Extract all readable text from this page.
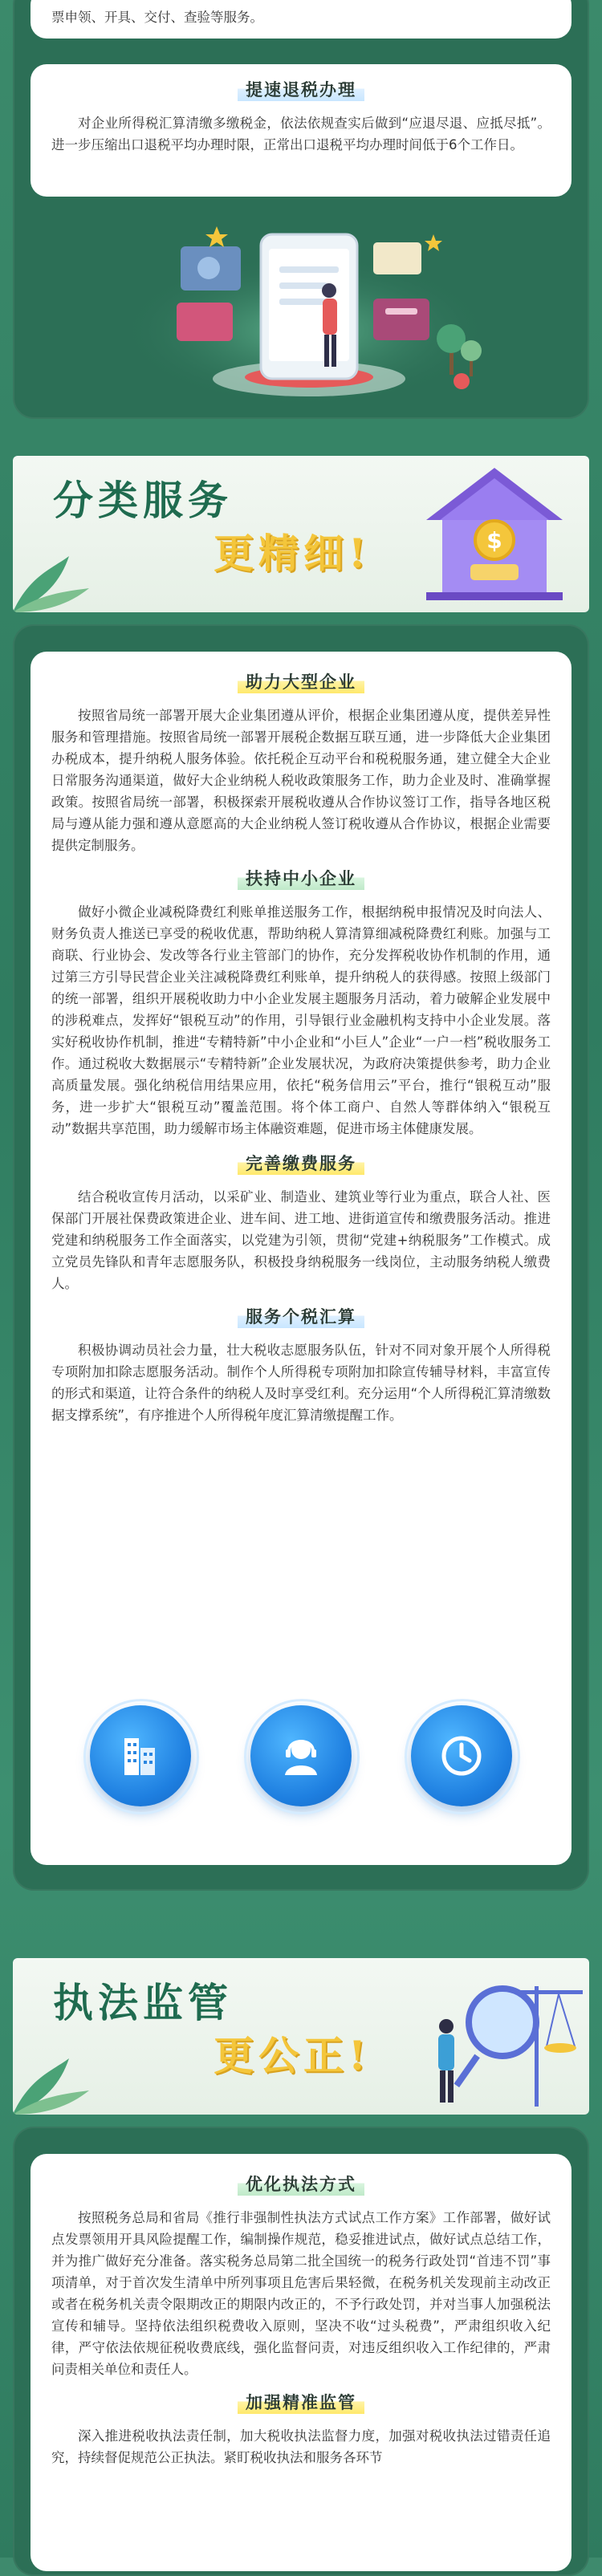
票申领、开具、交付、查验等服务。

提速退税办理

对企业所得税汇算清缴多缴税金，依法依规查实后做到“应退尽退、应抵尽抵”。进一步压缩出口退税平均办理时限，正常出口退税平均办理时间低于6个工作日。

分类服务
更精细!	$
助力大型企业

按照省局统一部署开展大企业集团遵从评价，根据企业集团遵从度，提供差异性服务和管理措施。按照省局统一部署开展税企数据互联互通，进一步降低大企业集团办税成本，提升纳税人服务体验。依托税企互动平台和税税服务通，建立健全大企业日常服务沟通渠道，做好大企业纳税人税收政策服务工作，助力企业及时、准确掌握政策。按照省局统一部署，积极探索开展税收遵从合作协议签订工作，指导各地区税局与遵从能力强和遵从意愿高的大企业纳税人签订税收遵从合作协议，根据企业需要提供定制服务。

扶持中小企业

做好小微企业减税降费红利账单推送服务工作，根据纳税申报情况及时向法人、财务负责人推送已享受的税收优惠，帮助纳税人算清算细减税降费红利账。加强与工商联、行业协会、发改等各行业主管部门的协作，充分发挥税收协作机制的作用，通过第三方引导民营企业关注减税降费红利账单，提升纳税人的获得感。按照上级部门的统一部署，组织开展税收助力中小企业发展主题服务月活动，着力破解企业发展中的涉税难点，发挥好“银税互动”的作用，引导银行业金融机构支持中小企业发展。落实好税收协作机制，推进“专精特新”中小企业和“小巨人”企业“一户一档”税收服务工作。通过税收大数据展示“专精特新”企业发展状况，为政府决策提供参考，助力企业高质量发展。强化纳税信用结果应用，依托“税务信用云”平台，推行“银税互动”服务，进一步扩大“银税互动”覆盖范围。将个体工商户、自然人等群体纳入“银税互动”数据共享范围，助力缓解市场主体融资难题，促进市场主体健康发展。

完善缴费服务

结合税收宣传月活动，以采矿业、制造业、建筑业等行业为重点，联合人社、医保部门开展社保费政策进企业、进车间、进工地、进街道宣传和缴费服务活动。推进党建和纳税服务工作全面落实，以党建为引领，贯彻“党建+纳税服务”工作模式。成立党员先锋队和青年志愿服务队，积极投身纳税服务一线岗位，主动服务纳税人缴费人。

服务个税汇算

积极协调动员社会力量，壮大税收志愿服务队伍，针对不同对象开展个人所得税专项附加扣除志愿服务活动。制作个人所得税专项附加扣除宣传辅导材料，丰富宣传的形式和渠道，让符合条件的纳税人及时享受红利。充分运用“个人所得税汇算清缴数据支撑系统”，有序推进个人所得税年度汇算清缴提醒工作。

执法监管
更公正!
优化执法方式

按照税务总局和省局《推行非强制性执法方式试点工作方案》工作部署，做好试点发票领用开具风险提醒工作，编制操作规范，稳妥推进试点，做好试点总结工作，并为推广做好充分准备。落实税务总局第二批全国统一的税务行政处罚“首违不罚”事项清单，对于首次发生清单中所列事项且危害后果轻微，在税务机关发现前主动改正或者在税务机关责令限期改正的期限内改正的，不予行政处罚，并对当事人加强税法宣传和辅导。坚持依法组织税费收入原则，坚决不收“过头税费”，严肃组织收入纪律，严守依法依规征税收费底线，强化监督问责，对违反组织收入工作纪律的，严肃问责相关单位和责任人。

加强精准监管

深入推进税收执法责任制，加大税收执法监督力度，加强对税收执法过错责任追究，持续督促规范公正执法。紧盯税收执法和服务各环节
